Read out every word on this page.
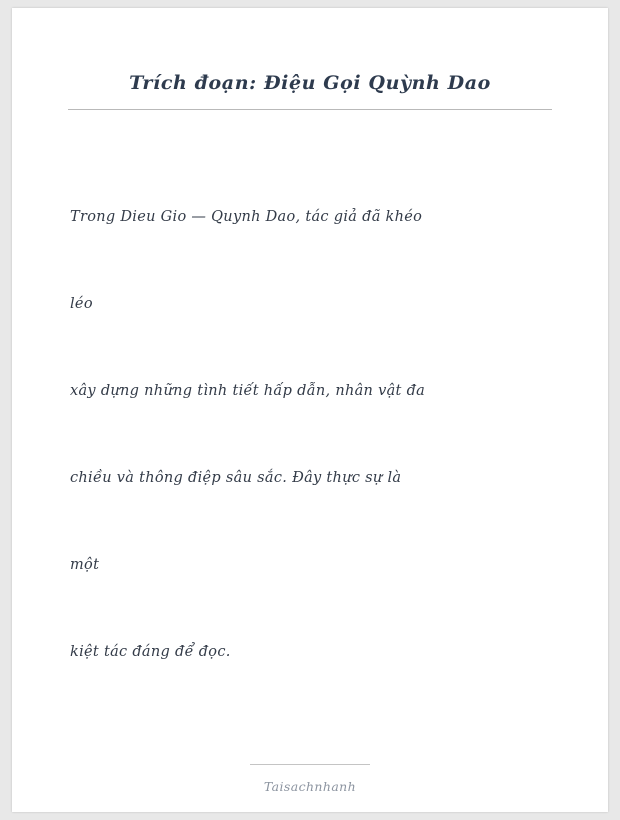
Trích đoạn: Điệu Gọi Quỳnh Dao

Trong Dieu Gio — Quynh Dao, tác giả đã khéo

léo

xây dựng những tình tiết hấp dẫn, nhân vật đa

chiều và thông điệp sâu sắc. Đây thực sự là

một

kiệt tác đáng để đọc.

Taisachnhanh
